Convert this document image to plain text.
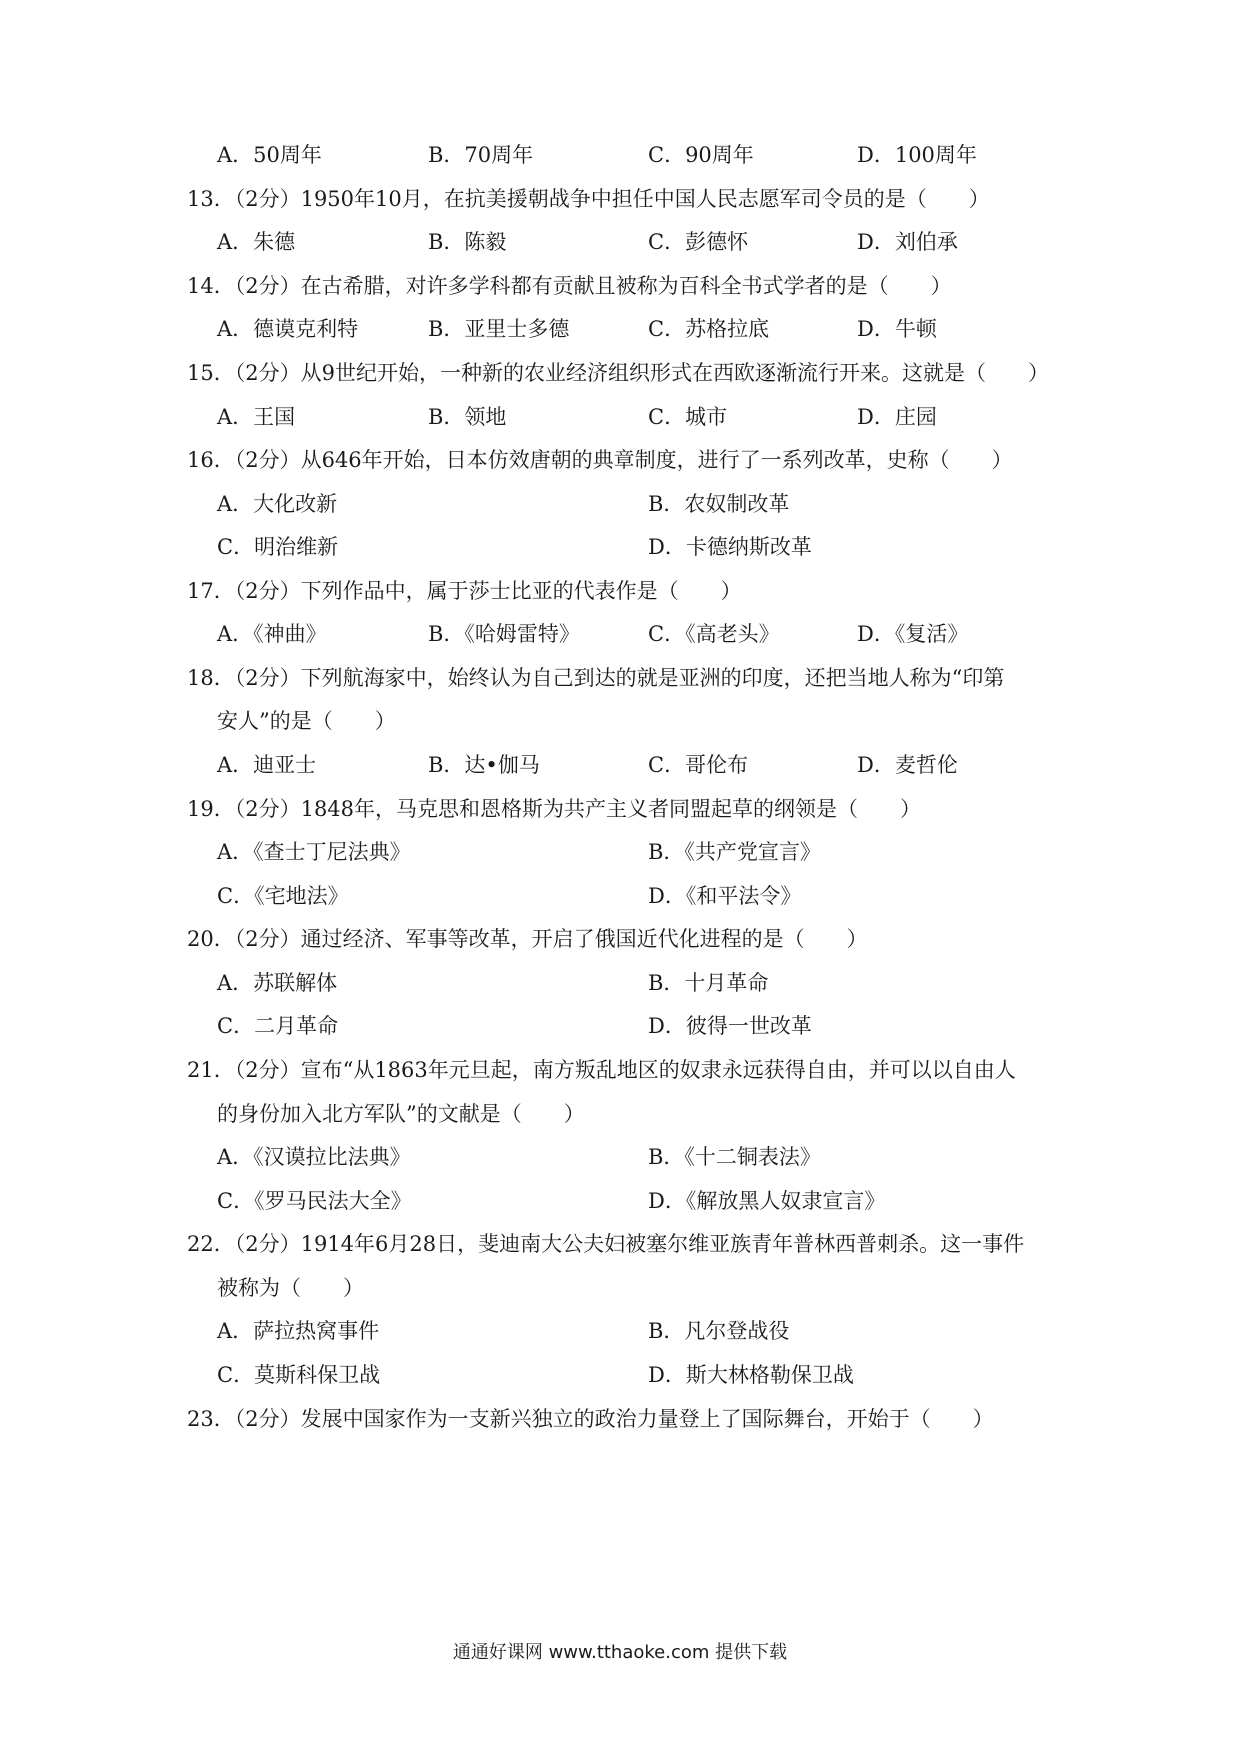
A．50周年	B．70周年	C．90周年	D．100周年
13．（2分）1950年10月，在抗美援朝战争中担任中国人民志愿军司令员的是（　　）
A．朱德	B．陈毅	C．彭德怀	D．刘伯承
14．（2分）在古希腊，对许多学科都有贡献且被称为百科全书式学者的是（　　）
A．德谟克利特	B．亚里士多德	C．苏格拉底	D．牛顿
15．（2分）从9世纪开始，一种新的农业经济组织形式在西欧逐渐流行开来。这就是（　　）
A．王国	B．领地	C．城市	D．庄园
16．（2分）从646年开始，日本仿效唐朝的典章制度，进行了一系列改革，史称（　　）
A．大化改新	B．农奴制改革
C．明治维新	D．卡德纳斯改革
17．（2分）下列作品中，属于莎士比亚的代表作是（　　）
A．《神曲》	B．《哈姆雷特》	C．《高老头》	D．《复活》
18．（2分）下列航海家中，始终认为自己到达的就是亚洲的印度，还把当地人称为“印第
安人”的是（　　）
A．迪亚士	B．达•伽马	C．哥伦布	D．麦哲伦
19．（2分）1848年，马克思和恩格斯为共产主义者同盟起草的纲领是（　　）
A．《查士丁尼法典》	B．《共产党宣言》
C．《宅地法》	D．《和平法令》
20．（2分）通过经济、军事等改革，开启了俄国近代化进程的是（　　）
A．苏联解体	B．十月革命
C．二月革命	D．彼得一世改革
21．（2分）宣布“从1863年元旦起，南方叛乱地区的奴隶永远获得自由，并可以以自由人
的身份加入北方军队”的文献是（　　）
A．《汉谟拉比法典》	B．《十二铜表法》
C．《罗马民法大全》	D．《解放黑人奴隶宣言》
22．（2分）1914年6月28日，斐迪南大公夫妇被塞尔维亚族青年普林西普刺杀。这一事件
被称为（　　）
A．萨拉热窝事件	B．凡尔登战役
C．莫斯科保卫战	D．斯大林格勒保卫战
23．（2分）发展中国家作为一支新兴独立的政治力量登上了国际舞台，开始于（　　）
通通好课网 www.tthaoke.com 提供下载
